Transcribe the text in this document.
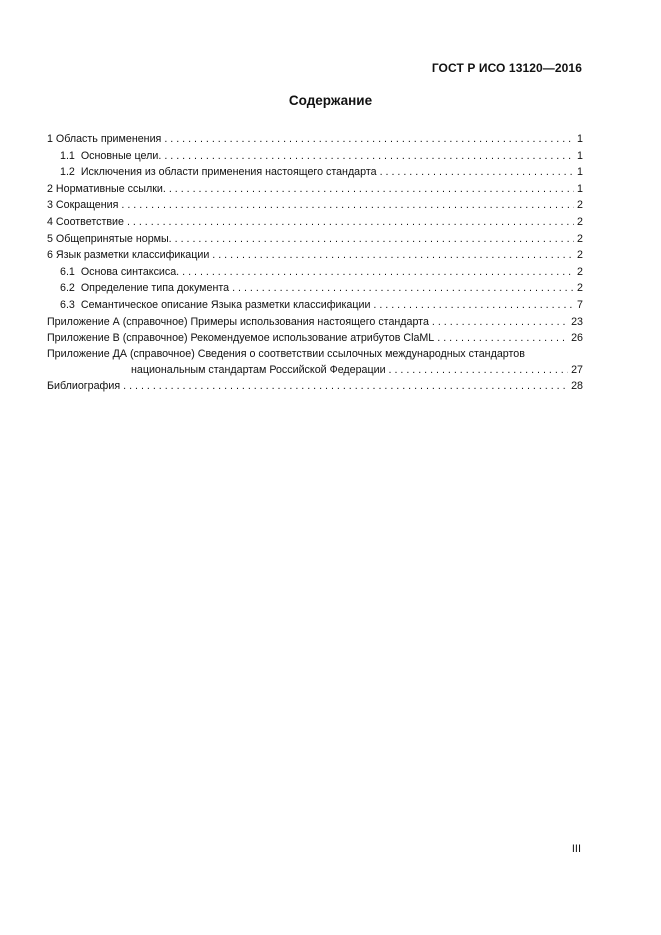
ГОСТ Р ИСО 13120—2016
Содержание
1 Область применения . . .	1
1.1 Основные цели. . . .	1
1.2 Исключения из области применения настоящего стандарта . . .	1
2 Нормативные ссылки. . . .	1
3 Сокращения . . .	2
4 Соответствие . . .	2
5 Общепринятые нормы. . . .	2
6 Язык разметки классификации . . .	2
6.1 Основа синтаксиса. . . .	2
6.2 Определение типа документа . . .	2
6.3 Семантическое описание Языка разметки классификации . . .	7
Приложение А (справочное) Примеры использования настоящего стандарта . . .	23
Приложение В (справочное) Рекомендуемое использование атрибутов ClaML . . .	26
Приложение ДА (справочное) Сведения о соответствии ссылочных международных стандартов
национальным стандартам Российской Федерации . . .	27
Библиография . . .	28
III
